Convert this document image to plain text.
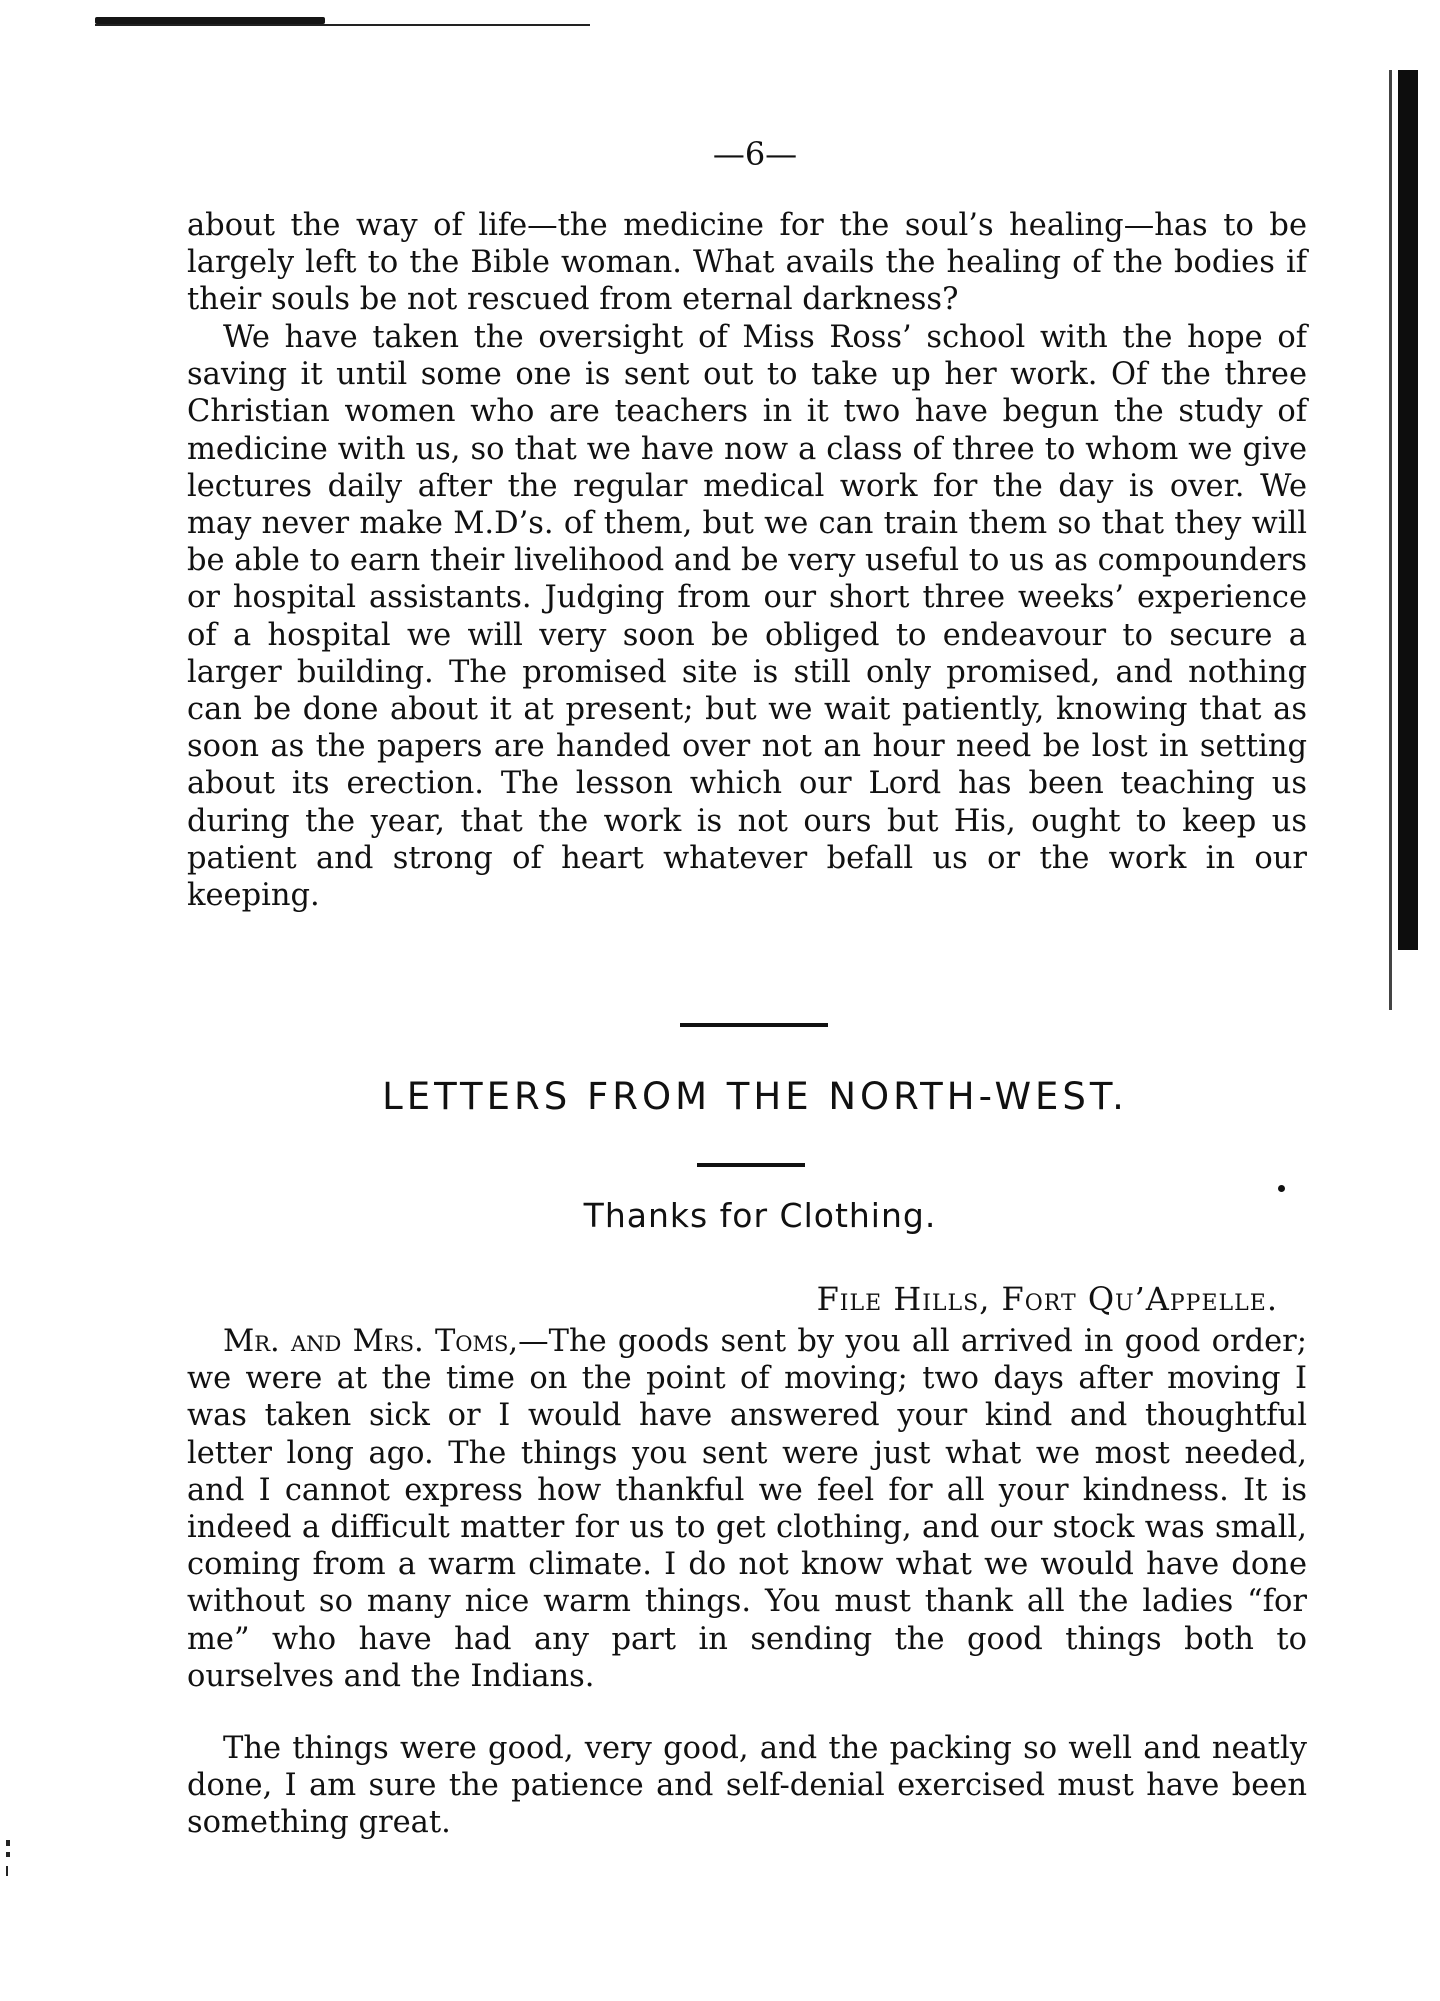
—6—

about the way of life—the medicine for the soul’s healing—has to be largely left to the Bible woman. What avails the healing of the bodies if their souls be not rescued from eternal darkness?

We have taken the oversight of Miss Ross’ school with the hope of saving it until some one is sent out to take up her work. Of the three Christian women who are teachers in it two have begun the study of medicine with us, so that we have now a class of three to whom we give lectures daily after the regular medical work for the day is over. We may never make M.D’s. of them, but we can train them so that they will be able to earn their livelihood and be very useful to us as compounders or hospital assistants. Judging from our short three weeks’ experience of a hospital we will very soon be obliged to endeavour to secure a larger building. The promised site is still only promised, and nothing can be done about it at present; but we wait patiently, knowing that as soon as the papers are handed over not an hour need be lost in setting about its erection. The lesson which our Lord has been teaching us during the year, that the work is not ours but His, ought to keep us patient and strong of heart whatever befall us or the work in our keeping.

LETTERS FROM THE NORTH-WEST.
Thanks for Clothing.
File Hills, Fort Qu’Appelle.

Mr. and Mrs. Toms,—The goods sent by you all arrived in good order; we were at the time on the point of moving; two days after moving I was taken sick or I would have answered your kind and thoughtful letter long ago. The things you sent were just what we most needed, and I cannot express how thankful we feel for all your kindness. It is indeed a difficult matter for us to get clothing, and our stock was small, coming from a warm climate. I do not know what we would have done without so many nice warm things. You must thank all the ladies “for me” who have had any part in sending the good things both to ourselves and the Indians.

The things were good, very good, and the packing so well and neatly done, I am sure the patience and self-denial exercised must have been something great.
